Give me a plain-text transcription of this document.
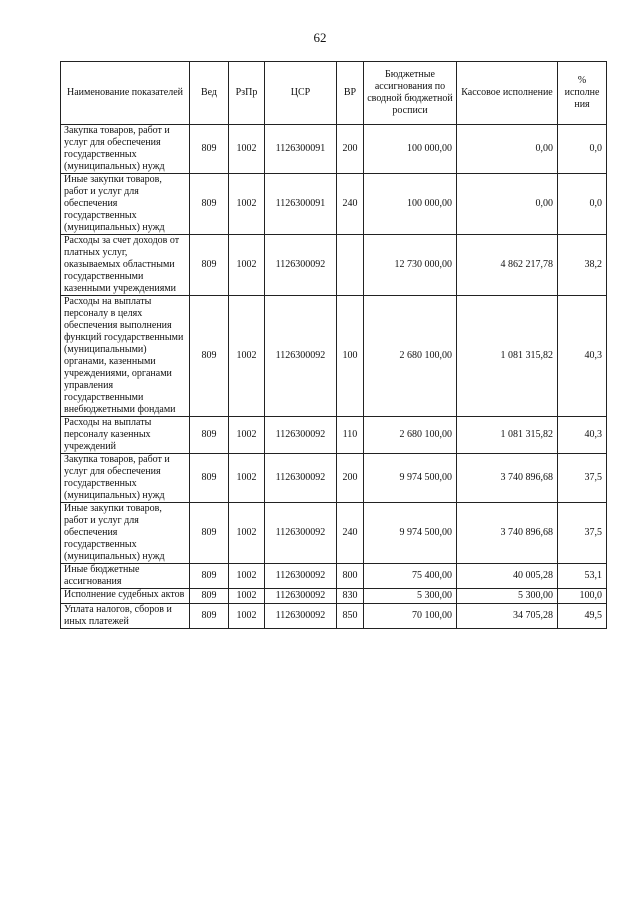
62
Наименование показателей	Вед	РзПр	ЦСР	ВР	Бюджетные ассигнования по сводной бюджетной росписи	Кассовое исполнение	% исполне ния
Закупка товаров, работ и услуг для обеспечения государственных (муниципальных) нужд	809	1002	1126300091	200	100 000,00	0,00	0,0
Иные закупки товаров, работ и услуг для обеспечения государственных (муниципальных) нужд	809	1002	1126300091	240	100 000,00	0,00	0,0
Расходы за счет доходов от платных услуг, оказываемых областными государственными казенными учреждениями	809	1002	1126300092		12 730 000,00	4 862 217,78	38,2
Расходы на выплаты персоналу в целях обеспечения выполнения функций государственными (муниципальными) органами, казенными учреждениями, органами управления государственными внебюджетными фондами	809	1002	1126300092	100	2 680 100,00	1 081 315,82	40,3
Расходы на выплаты персоналу казенных учреждений	809	1002	1126300092	110	2 680 100,00	1 081 315,82	40,3
Закупка товаров, работ и услуг для обеспечения государственных (муниципальных) нужд	809	1002	1126300092	200	9 974 500,00	3 740 896,68	37,5
Иные закупки товаров, работ и услуг для обеспечения государственных (муниципальных) нужд	809	1002	1126300092	240	9 974 500,00	3 740 896,68	37,5
Иные бюджетные ассигнования	809	1002	1126300092	800	75 400,00	40 005,28	53,1
Исполнение судебных актов	809	1002	1126300092	830	5 300,00	5 300,00	100,0
Уплата налогов, сборов и иных платежей	809	1002	1126300092	850	70 100,00	34 705,28	49,5
